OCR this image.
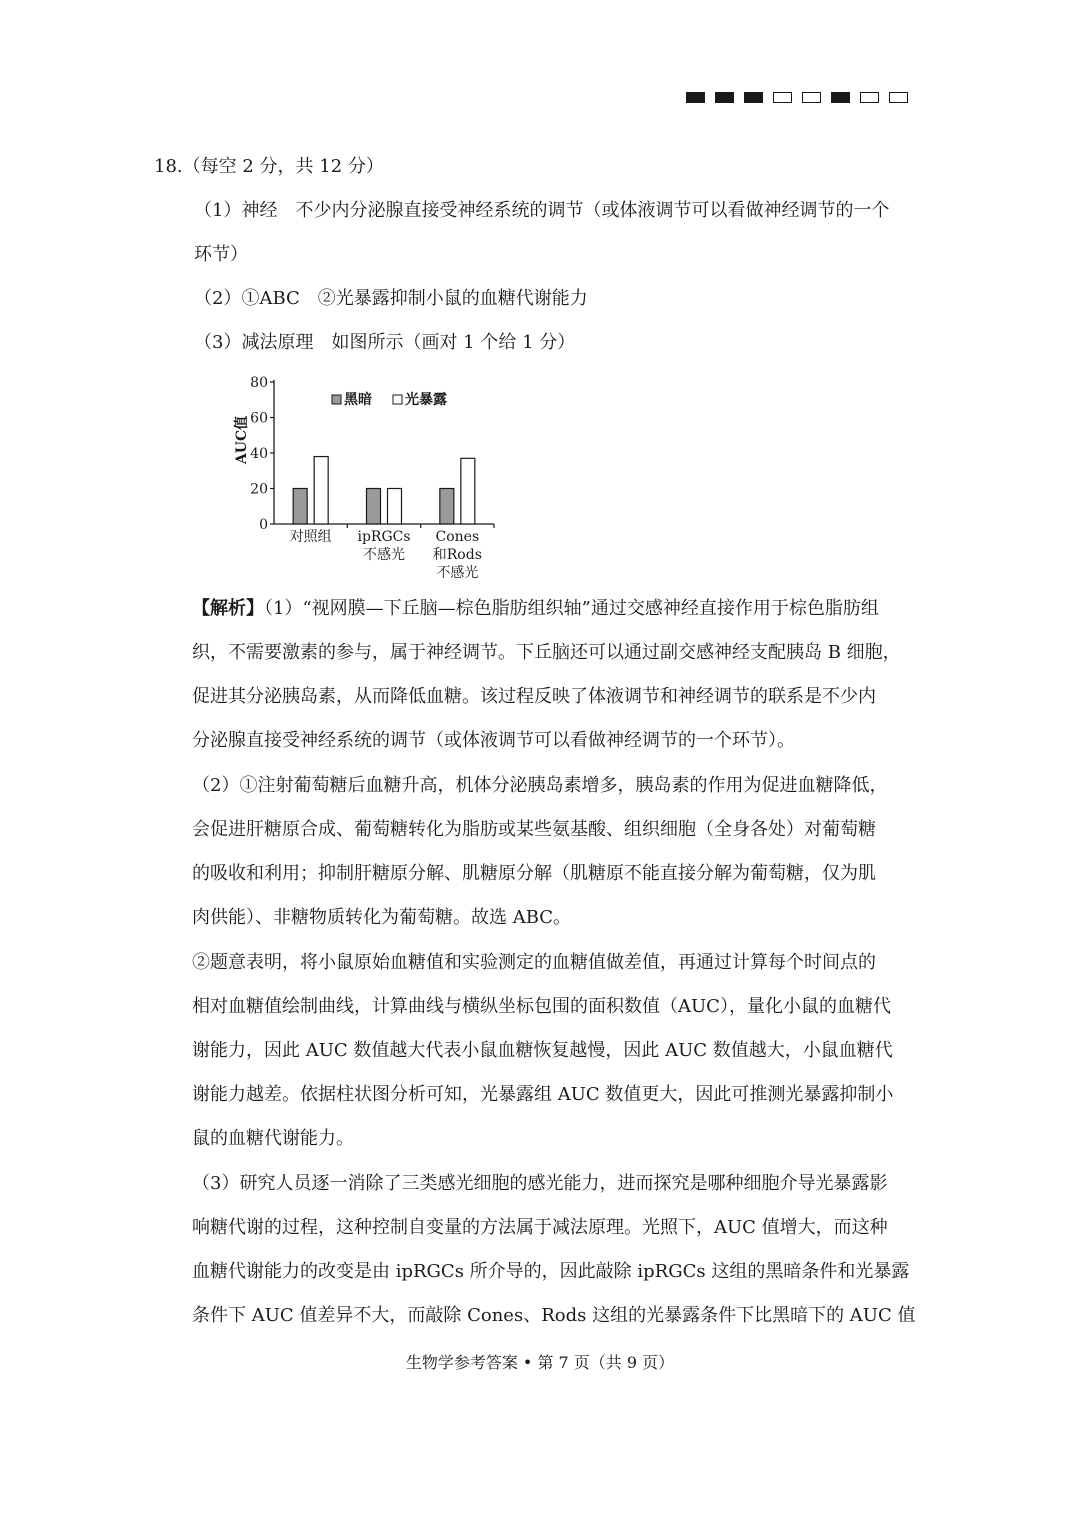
18.（每空 2 分，共 12 分）
（1）神经　不少内分泌腺直接受神经系统的调节（或体液调节可以看做神经调节的一个
环节）
（2）①ABC　②光暴露抑制小鼠的血糖代谢能力
（3）减法原理　如图所示（画对 1 个给 1 分）
0
20
40
60
80
AUC值
黑暗 光暴露
对照组 ipRGCs
不感光
Cones
和Rods
不感光
【解析】（1）“视网膜—下丘脑—棕色脂肪组织轴”通过交感神经直接作用于棕色脂肪组
织，不需要激素的参与，属于神经调节。下丘脑还可以通过副交感神经支配胰岛 B 细胞，
促进其分泌胰岛素，从而降低血糖。该过程反映了体液调节和神经调节的联系是不少内
分泌腺直接受神经系统的调节（或体液调节可以看做神经调节的一个环节）。
（2）①注射葡萄糖后血糖升高，机体分泌胰岛素增多，胰岛素的作用为促进血糖降低，
会促进肝糖原合成、葡萄糖转化为脂肪或某些氨基酸、组织细胞（全身各处）对葡萄糖
的吸收和利用；抑制肝糖原分解、肌糖原分解（肌糖原不能直接分解为葡萄糖，仅为肌
肉供能）、非糖物质转化为葡萄糖。故选 ABC。
②题意表明，将小鼠原始血糖值和实验测定的血糖值做差值，再通过计算每个时间点的
相对血糖值绘制曲线，计算曲线与横纵坐标包围的面积数值（AUC），量化小鼠的血糖代
谢能力，因此 AUC 数值越大代表小鼠血糖恢复越慢，因此 AUC 数值越大，小鼠血糖代
谢能力越差。依据柱状图分析可知，光暴露组 AUC 数值更大，因此可推测光暴露抑制小
鼠的血糖代谢能力。
（3）研究人员逐一消除了三类感光细胞的感光能力，进而探究是哪种细胞介导光暴露影
响糖代谢的过程，这种控制自变量的方法属于减法原理。光照下，AUC 值增大，而这种
血糖代谢能力的改变是由 ipRGCs 所介导的，因此敲除 ipRGCs 这组的黑暗条件和光暴露
条件下 AUC 值差异不大，而敲除 Cones、Rods 这组的光暴露条件下比黑暗下的 AUC 值
生物学参考答案 • 第 7 页（共 9 页）
